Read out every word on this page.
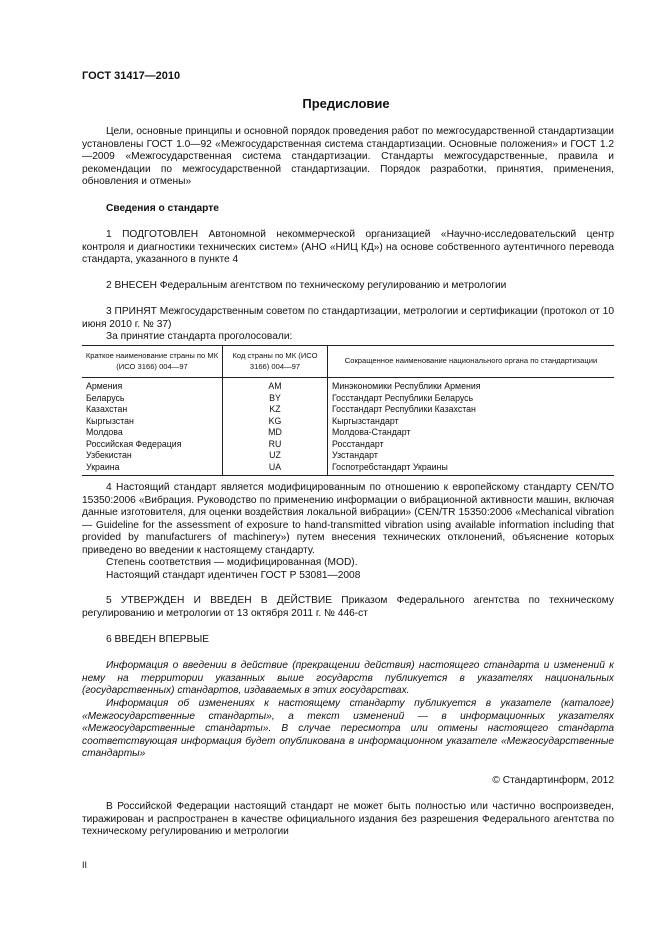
ГОСТ 31417—2010
Предисловие
Цели, основные принципы и основной порядок проведения работ по межгосударственной стандартизации установлены ГОСТ 1.0—92 «Межгосударственная система стандартизации. Основные положения» и ГОСТ 1.2—2009 «Межгосударственная система стандартизации. Стандарты межгосударственные, правила и рекомендации по межгосударственной стандартизации. Порядок разработки, принятия, применения, обновления и отмены»
Сведения о стандарте
1 ПОДГОТОВЛЕН Автономной некоммерческой организацией «Научно-исследовательский центр контроля и диагностики технических систем» (АНО «НИЦ КД») на основе собственного аутентичного перевода стандарта, указанного в пункте 4
2 ВНЕСЕН Федеральным агентством по техническому регулированию и метрологии
3 ПРИНЯТ Межгосударственным советом по стандартизации, метрологии и сертификации (протокол от 10 июня 2010 г. № 37)
За принятие стандарта проголосовали:
Краткое наименование страны по МК (ИСО 3166) 004—97	Код страны по МК (ИСО 3166) 004—97	Сокращенное наименование национального органа по стандартизации
Армения	AM	Минэкономики Республики Армения
Беларусь	BY	Госстандарт Республики Беларусь
Казахстан	KZ	Госстандарт Республики Казахстан
Кыргызстан	KG	Кыргызстандарт
Молдова	MD	Молдова-Стандарт
Российская Федерация	RU	Росстандарт
Узбекистан	UZ	Узстандарт
Украина	UA	Госпотребстандарт Украины
4 Настоящий стандарт является модифицированным по отношению к европейскому стандарту CEN/TO 15350:2006 «Вибрация. Руководство по применению информации о вибрационной активности машин, включая данные изготовителя, для оценки воздействия локальной вибрации» (CEN/TR 15350:2006 «Mechanical vibration — Guideline for the assessment of exposure to hand-transmitted vibration using available information including that provided by manufacturers of machinery») путем внесения технических отклонений, объяснение которых приведено во введении к настоящему стандарту.
Степень соответствия — модифицированная (MOD).
Настоящий стандарт идентичен ГОСТ Р 53081—2008
5 УТВЕРЖДЕН И ВВЕДЕН В ДЕЙСТВИЕ Приказом Федерального агентства по техническому регулированию и метрологии от 13 октября 2011 г. № 446-ст
6 ВВЕДЕН ВПЕРВЫЕ
Информация о введении в действие (прекращении действия) настоящего стандарта и изменений к нему на территории указанных выше государств публикуется в указателях национальных (государственных) стандартов, издаваемых в этих государствах.
Информация об изменениях к настоящему стандарту публикуется в указателе (каталоге) «Межгосударственные стандарты», а текст изменений — в информационных указателях «Межгосударственные стандарты». В случае пересмотра или отмены настоящего стандарта соответствующая информация будет опубликована в информационном указателе «Межгосударственные стандарты»
© Стандартинформ, 2012
В Российской Федерации настоящий стандарт не может быть полностью или частично воспроизведен, тиражирован и распространен в качестве официального издания без разрешения Федерального агентства по техническому регулированию и метрологии
II
